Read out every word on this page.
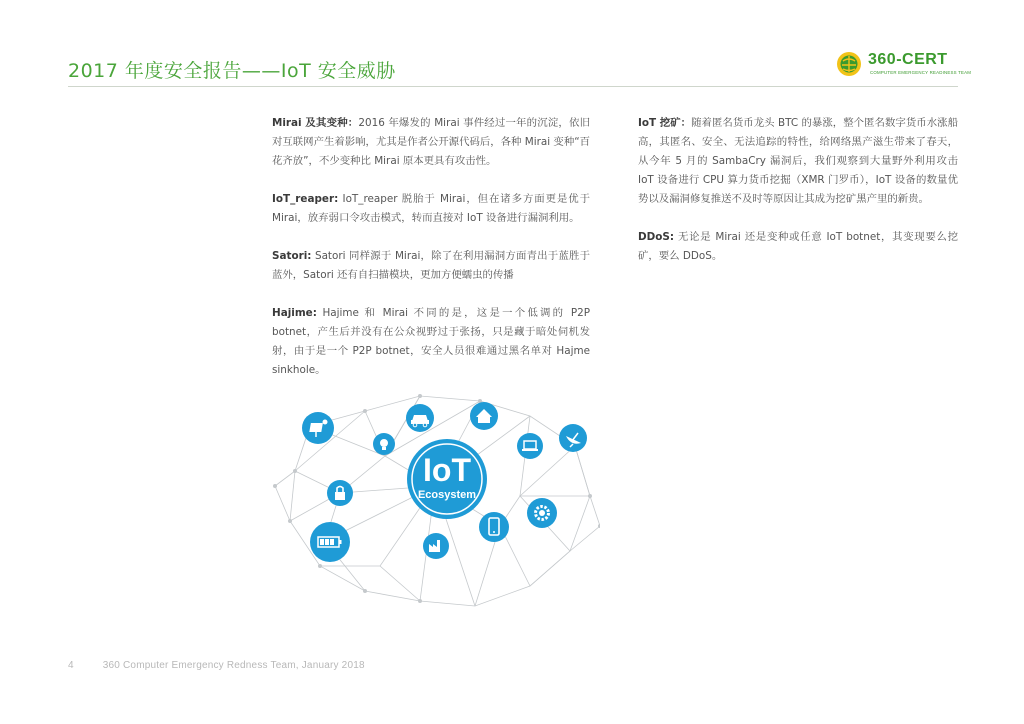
2017 年度安全报告——IoT 安全威胁
360-CERT
COMPUTER EMERGENCY READINESS TEAM

Mirai 及其变种：2016 年爆发的 Mirai 事件经过一年的沉淀，依旧对互联网产生着影响，尤其是作者公开源代码后，各种 Mirai 变种“百花齐放”，不少变种比 Mirai 原本更具有攻击性。

IoT_reaper: IoT_reaper 脱胎于 Mirai，但在诸多方面更是优于 Mirai，放弃弱口令攻击模式，转而直接对 IoT 设备进行漏洞利用。

Satori: Satori 同样源于 Mirai，除了在利用漏洞方面青出于蓝胜于蓝外，Satori 还有自扫描模块，更加方便蠕虫的传播

Hajime: Hajime 和 Mirai 不同的是，这是一个低调的 P2P botnet，产生后并没有在公众视野过于张扬，只是藏于暗处伺机发射，由于是一个 P2P botnet，安全人员很难通过黑名单对 Hajme sinkhole。

IoT 挖矿：随着匿名货币龙头 BTC 的暴涨，整个匿名数字货币水涨船高，其匿名、安全、无法追踪的特性，给网络黑产滋生带来了春天，从今年 5 月的 SambaCry 漏洞后，我们观察到大量野外利用攻击 IoT 设备进行 CPU 算力货币挖掘（XMR 门罗币），IoT 设备的数量优势以及漏洞修复推送不及时等原因让其成为挖矿黑产里的新贵。

DDoS: 无论是 Mirai 还是变种或任意 IoT botnet，其变现要么挖矿，要么 DDoS。

IoT
Ecosystem
4	360 Computer Emergency Redness Team, January 2018
